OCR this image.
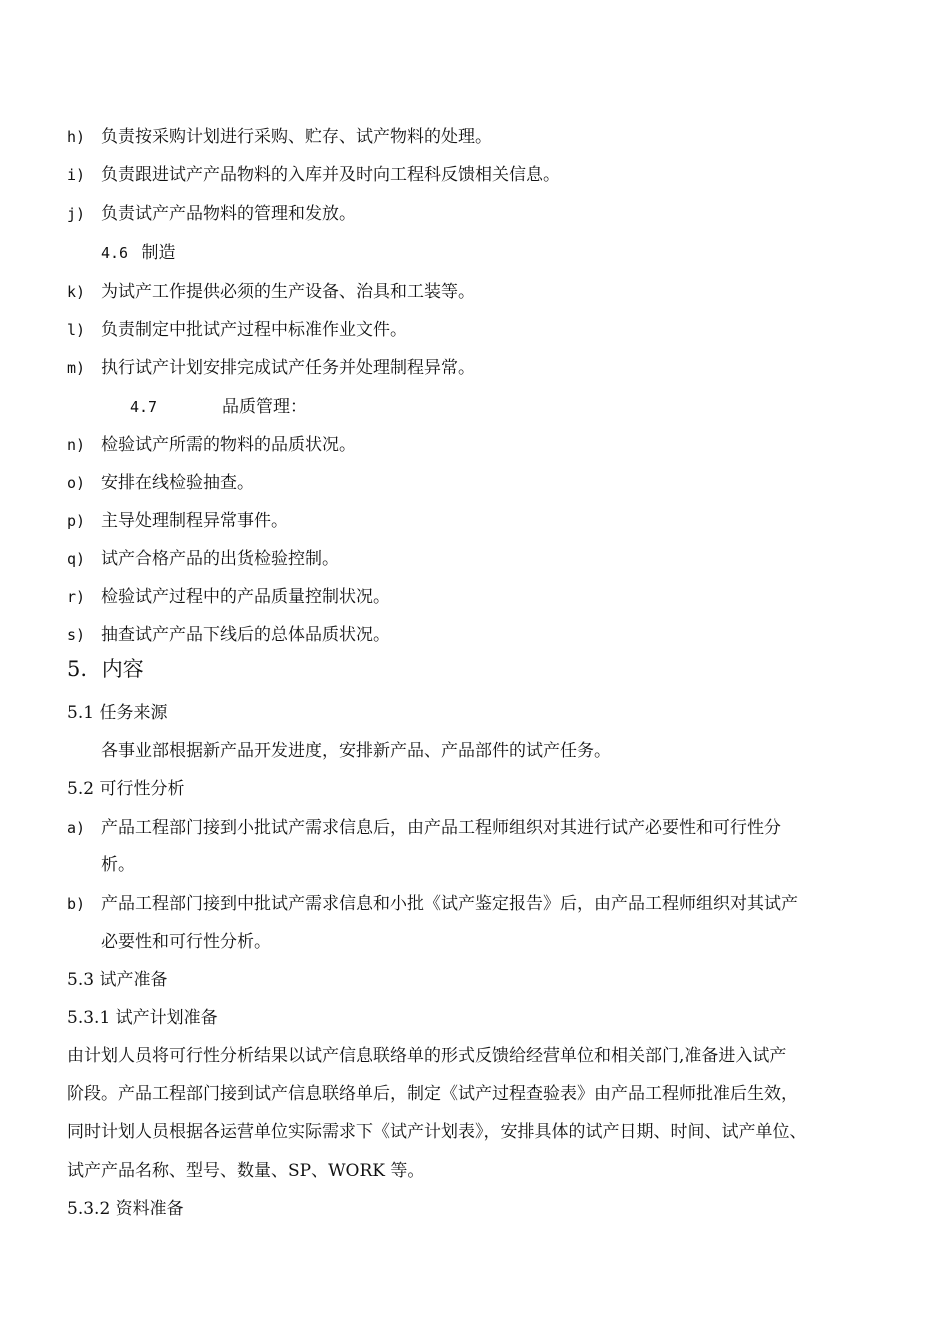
h) 负责按采购计划进行采购、贮存、试产物料的处理。
i) 负责跟进试产产品物料的入库并及时向工程科反馈相关信息。
j) 负责试产产品物料的管理和发放。
4.6 制造
k) 为试产工作提供必须的生产设备、治具和工装等。
l) 负责制定中批试产过程中标准作业文件。
m) 执行试产计划安排完成试产任务并处理制程异常。
4.7	品质管理：
n) 检验试产所需的物料的品质状况。
o) 安排在线检验抽查。
p) 主导处理制程异常事件。
q) 试产合格产品的出货检验控制。
r) 检验试产过程中的产品质量控制状况。
s) 抽查试产产品下线后的总体品质状况。
5. 内容
5.1 任务来源
各事业部根据新产品开发进度，安排新产品、产品部件的试产任务。
5.2 可行性分析
a) 产品工程部门接到小批试产需求信息后，由产品工程师组织对其进行试产必要性和可行性分
析。
b) 产品工程部门接到中批试产需求信息和小批《试产鉴定报告》后，由产品工程师组织对其试产
必要性和可行性分析。
5.3 试产准备
5.3.1 试产计划准备
由计划人员将可行性分析结果以试产信息联络单的形式反馈给经营单位和相关部门,准备进入试产
阶段。产品工程部门接到试产信息联络单后，制定《试产过程查验表》由产品工程师批准后生效，
同时计划人员根据各运营单位实际需求下《试产计划表》，安排具体的试产日期、时间、试产单位、
试产产品名称、型号、数量、SP、WORK 等。
5.3.2 资料准备
